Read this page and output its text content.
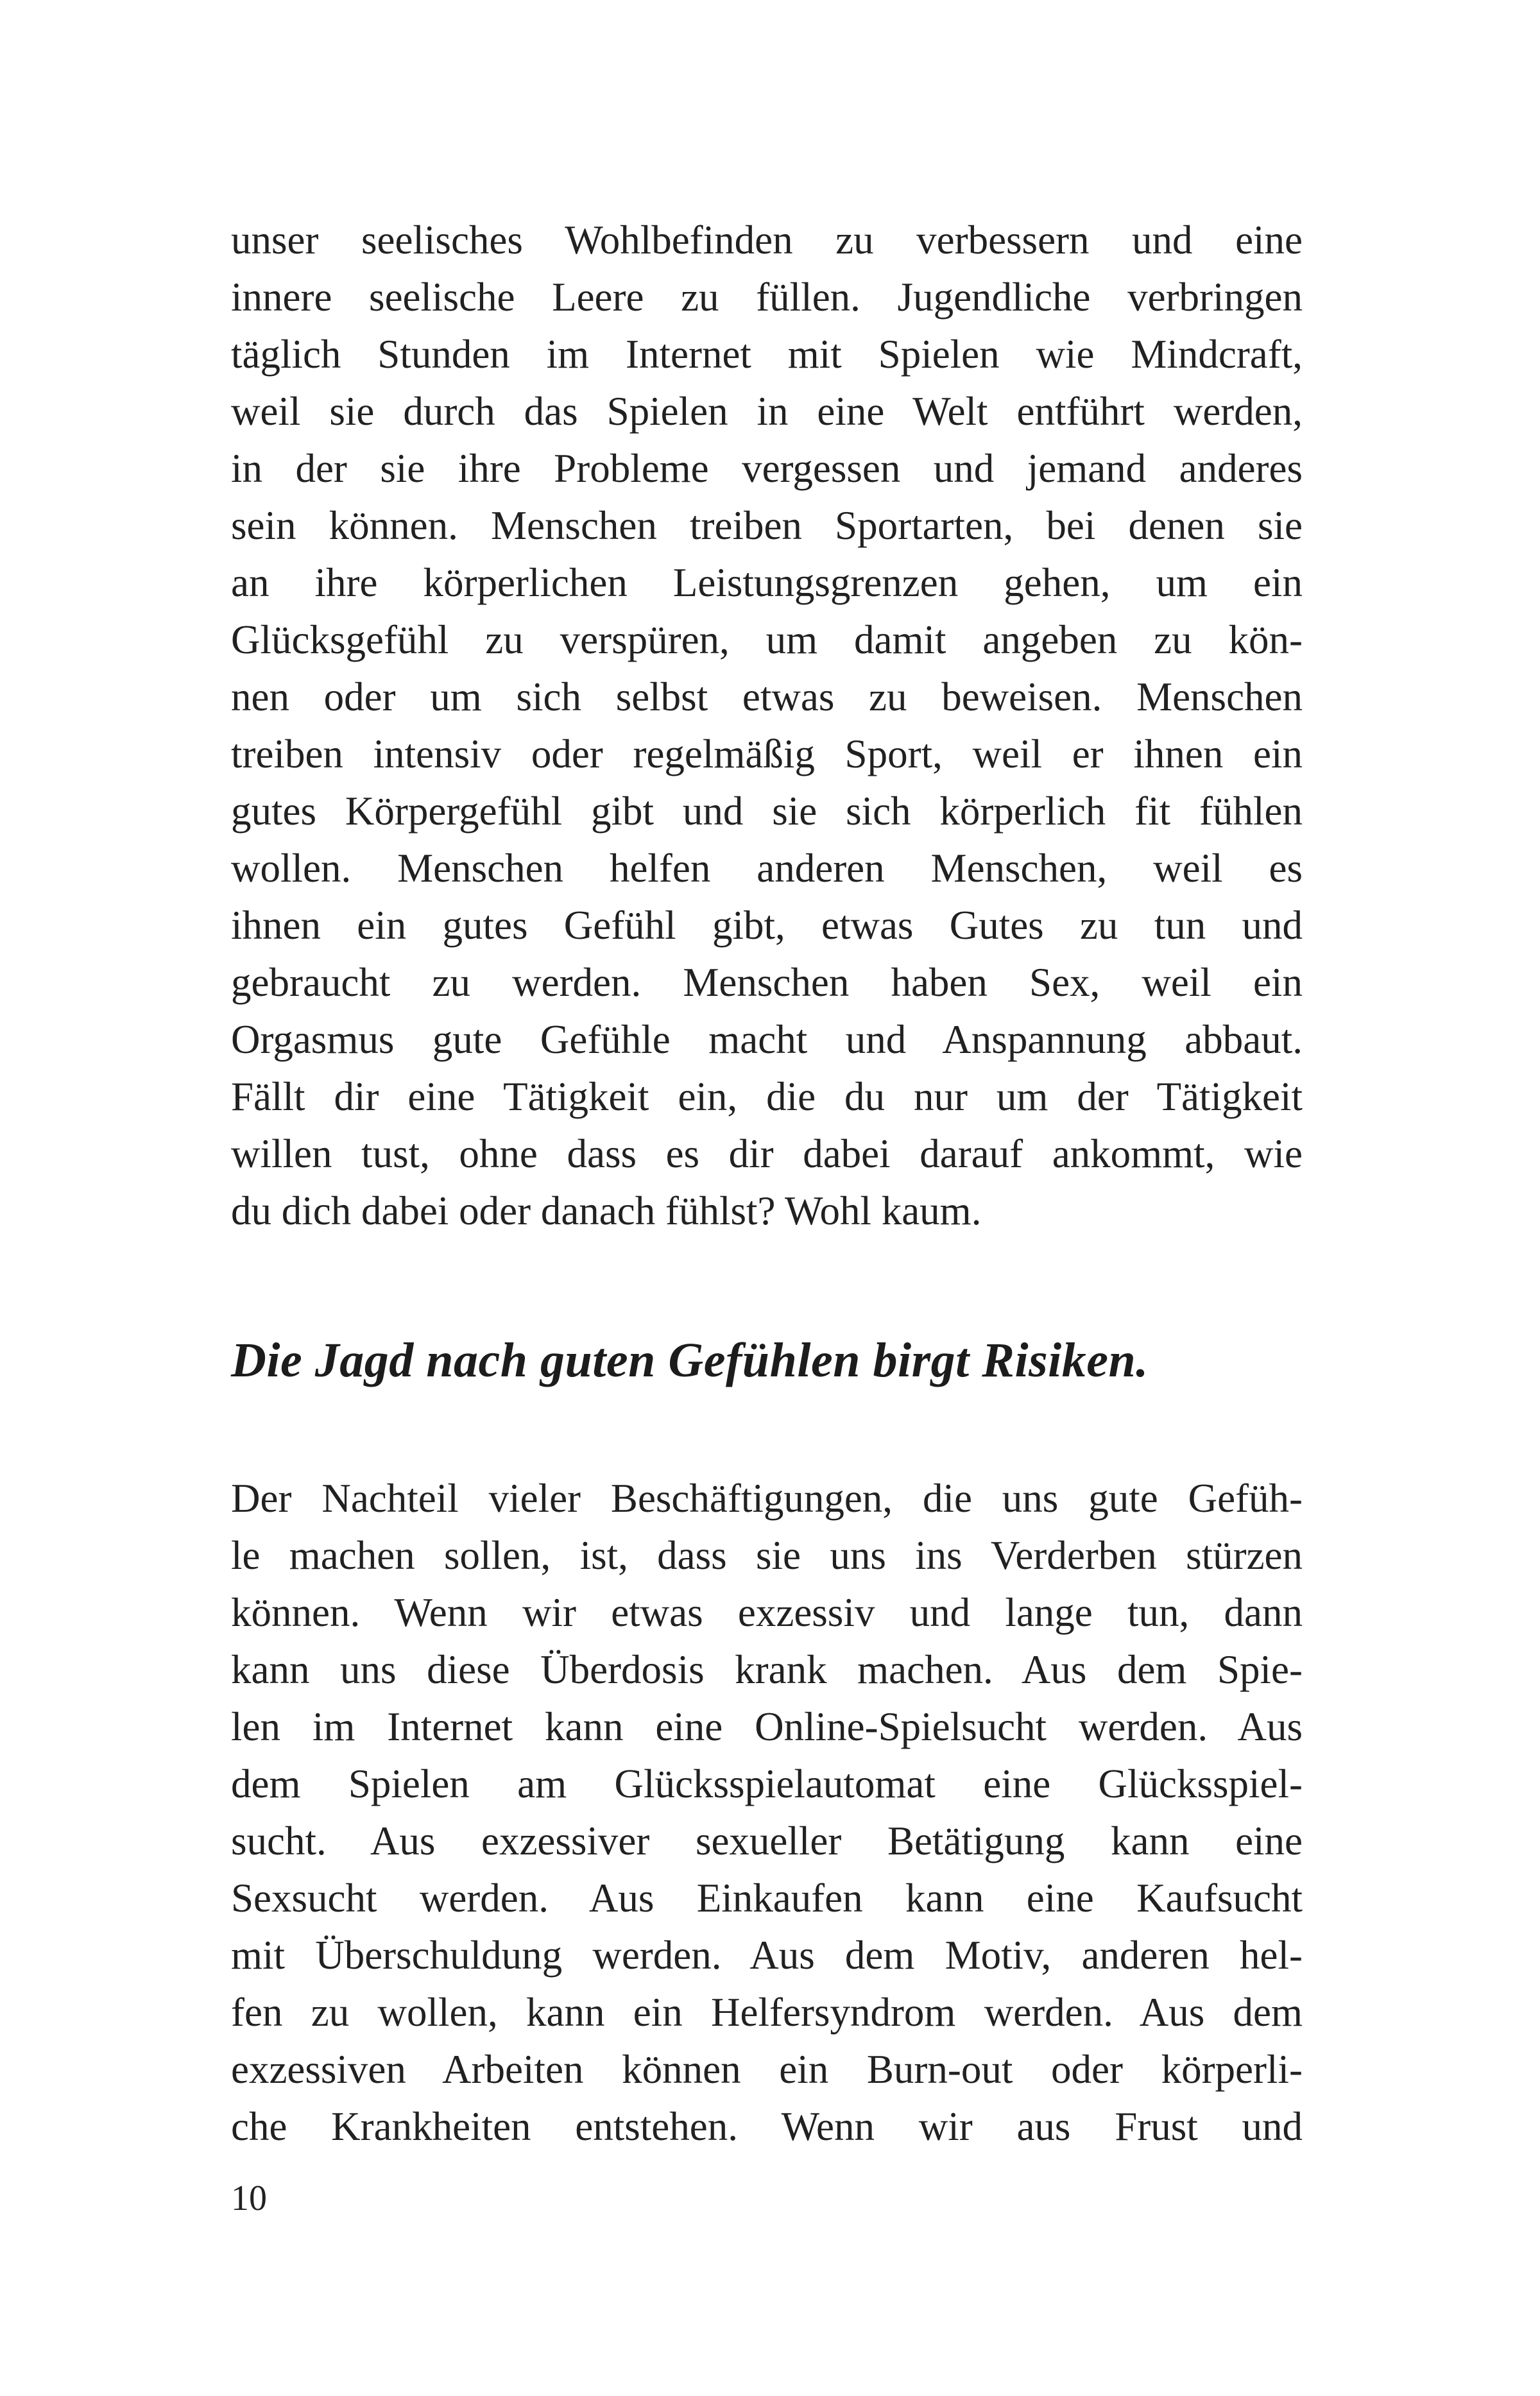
unser seelisches Wohlbefinden zu verbessern und eine
innere seelische Leere zu füllen. Jugendliche verbringen
täglich Stunden im Internet mit Spielen wie Mindcraft,
weil sie durch das Spielen in eine Welt entführt werden,
in der sie ihre Probleme vergessen und jemand anderes
sein können. Menschen treiben Sportarten, bei denen sie
an ihre körperlichen Leistungsgrenzen gehen, um ein
Glücksgefühl zu verspüren, um damit angeben zu kön-
nen oder um sich selbst etwas zu beweisen. Menschen
treiben intensiv oder regelmäßig Sport, weil er ihnen ein
gutes Körpergefühl gibt und sie sich körperlich fit fühlen
wollen. Menschen helfen anderen Menschen, weil es
ihnen ein gutes Gefühl gibt, etwas Gutes zu tun und
gebraucht zu werden. Menschen haben Sex, weil ein
Orgasmus gute Gefühle macht und Anspannung abbaut.
Fällt dir eine Tätigkeit ein, die du nur um der Tätigkeit
willen tust, ohne dass es dir dabei darauf ankommt, wie
du dich dabei oder danach fühlst? Wohl kaum.
Die Jagd nach guten Gefühlen birgt Risiken.
Der Nachteil vieler Beschäftigungen, die uns gute Gefüh-
le machen sollen, ist, dass sie uns ins Verderben stürzen
können. Wenn wir etwas exzessiv und lange tun, dann
kann uns diese Überdosis krank machen. Aus dem Spie-
len im Internet kann eine Online-Spielsucht werden. Aus
dem Spielen am Glücksspielautomat eine Glücksspiel-
sucht. Aus exzessiver sexueller Betätigung kann eine
Sexsucht werden. Aus Einkaufen kann eine Kaufsucht
mit Überschuldung werden. Aus dem Motiv, anderen hel-
fen zu wollen, kann ein Helfersyndrom werden. Aus dem
exzessiven Arbeiten können ein Burn-out oder körperli-
che Krankheiten entstehen. Wenn wir aus Frust und
10
